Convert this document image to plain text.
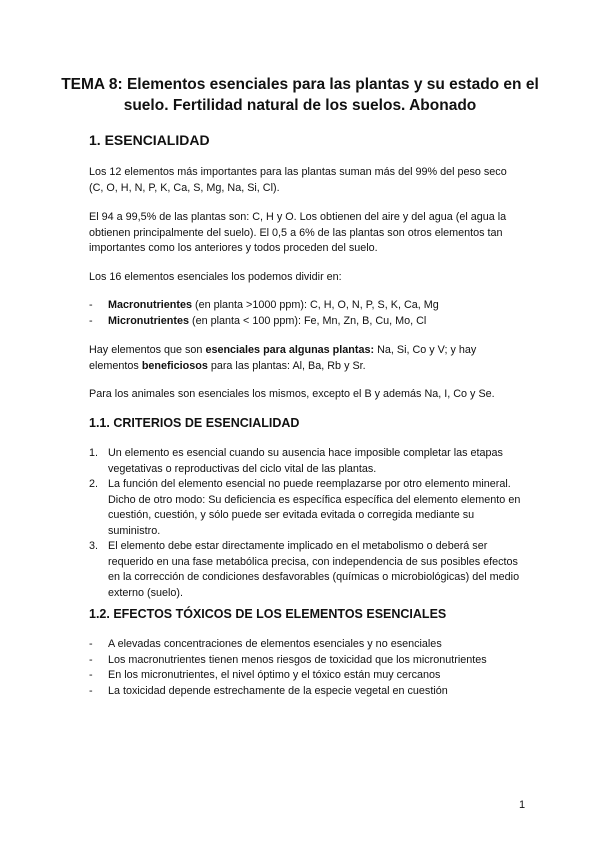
TEMA 8: Elementos esenciales para las plantas y su estado en el suelo. Fertilidad natural de los suelos. Abonado
1. ESENCIALIDAD
Los 12 elementos más importantes para las plantas suman más del 99% del peso seco (C, O, H, N, P, K, Ca, S, Mg, Na, Si, Cl).
El 94 a 99,5% de las plantas son: C, H y O. Los obtienen del aire y del agua (el agua la obtienen principalmente del suelo). El 0,5 a 6% de las plantas son otros elementos tan importantes como los anteriores y todos proceden del suelo.
Los 16 elementos esenciales los podemos dividir en:
-	Macronutrientes (en planta >1000 ppm): C, H, O, N, P, S, K, Ca, Mg
-	Micronutrientes (en planta < 100 ppm): Fe, Mn, Zn, B, Cu, Mo, Cl
Hay elementos que son esenciales para algunas plantas: Na, Si, Co y V; y hay elementos beneficiosos para las plantas: Al, Ba, Rb y Sr.
Para los animales son esenciales los mismos, excepto el B y además Na, I, Co y Se.
1.1. CRITERIOS DE ESENCIALIDAD
1. Un elemento es esencial cuando su ausencia hace imposible completar las etapas vegetativas o reproductivas del ciclo vital de las plantas.
2. La función del elemento esencial no puede reemplazarse por otro elemento mineral. Dicho de otro modo: Su deficiencia es específica específica del elemento elemento en cuestión, cuestión, y sólo puede ser evitada evitada o corregida mediante su suministro.
3. El elemento debe estar directamente implicado en el metabolismo o deberá ser requerido en una fase metabólica precisa, con independencia de sus posibles efectos en la corrección de condiciones desfavorables (químicas o microbiológicas) del medio externo (suelo).
1.2. EFECTOS TÓXICOS DE LOS ELEMENTOS ESENCIALES
-	A elevadas concentraciones de elementos esenciales y no esenciales
-	Los macronutrientes tienen menos riesgos de toxicidad que los micronutrientes
-	En los micronutrientes, el nivel óptimo y el tóxico están muy cercanos
-	La toxicidad depende estrechamente de la especie vegetal en cuestión
1
